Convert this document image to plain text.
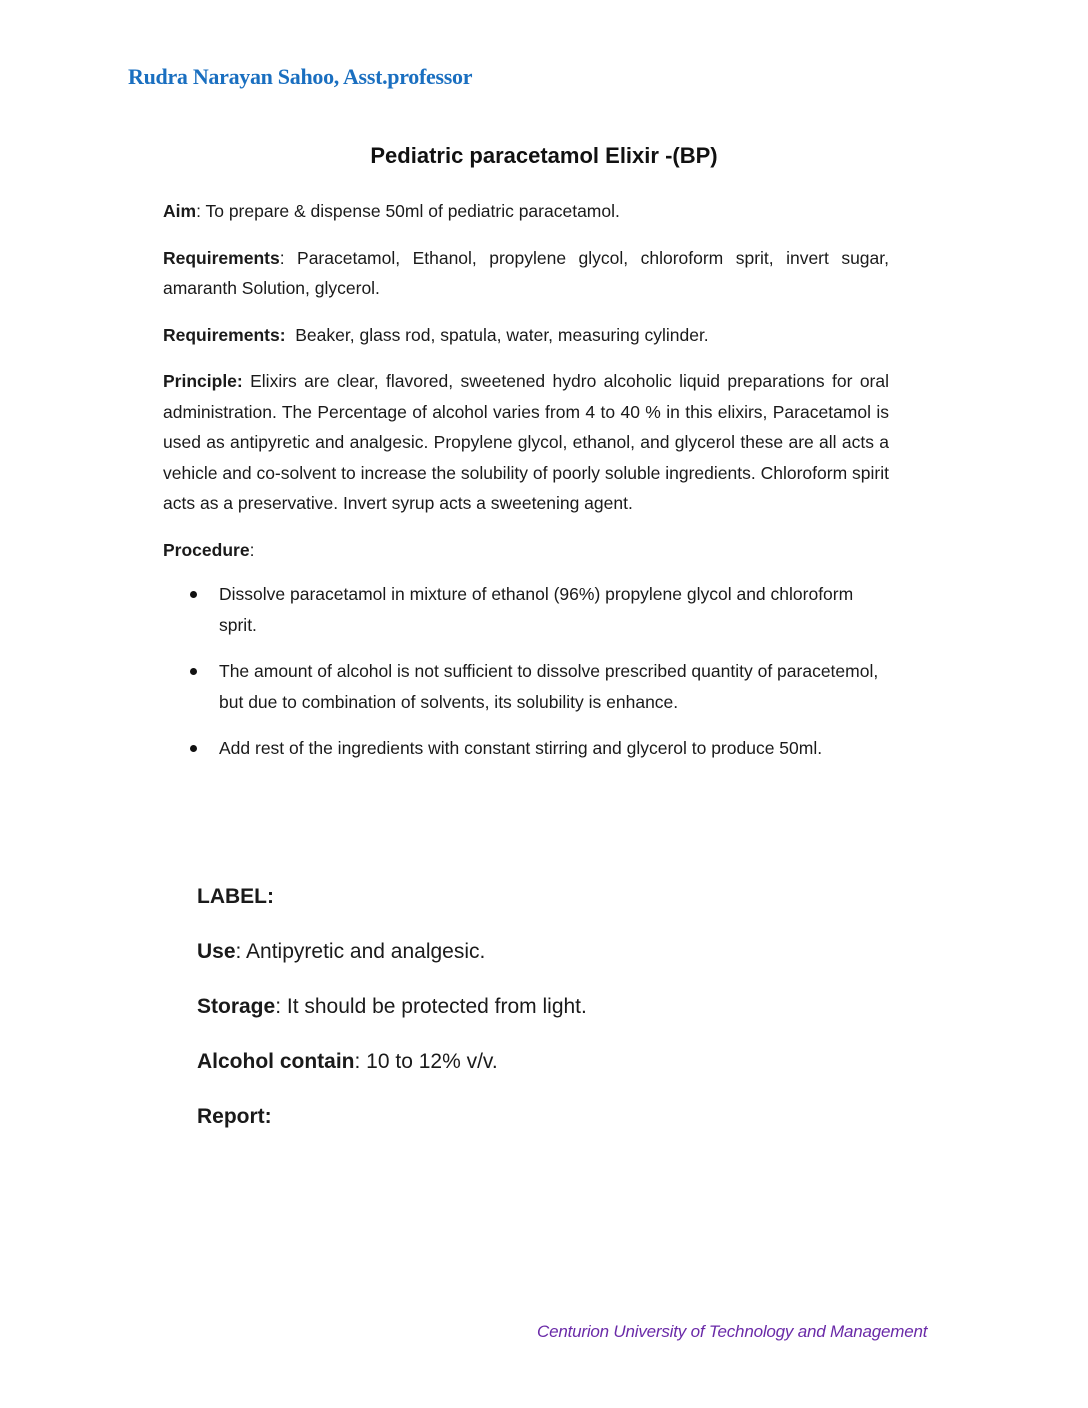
Rudra Narayan Sahoo, Asst.professor
Pediatric paracetamol Elixir -(BP)

Aim: To prepare & dispense 50ml of pediatric paracetamol.

Requirements: Paracetamol, Ethanol, propylene glycol, chloroform sprit, invert sugar, amaranth Solution, glycerol.

Requirements:  Beaker, glass rod, spatula, water, measuring cylinder.

Principle: Elixirs are clear, flavored, sweetened hydro alcoholic liquid preparations for oral administration. The Percentage of alcohol varies from 4 to 40 % in this elixirs, Paracetamol is used as antipyretic and analgesic. Propylene glycol, ethanol, and glycerol these are all acts a vehicle and co-solvent to increase the solubility of poorly soluble ingredients. Chloroform spirit acts as a preservative. Invert syrup acts a sweetening agent.

Procedure:

Dissolve paracetamol in mixture of ethanol (96%) propylene glycol and chloroform sprit.
The amount of alcohol is not sufficient to dissolve prescribed quantity of paracetemol, but due to combination of solvents, its solubility is enhance.
Add rest of the ingredients with constant stirring and glycerol to produce 50ml.

LABEL:

Use: Antipyretic and analgesic.

Storage: It should be protected from light.

Alcohol contain: 10 to 12% v/v.

Report:

Centurion University of Technology and Management
